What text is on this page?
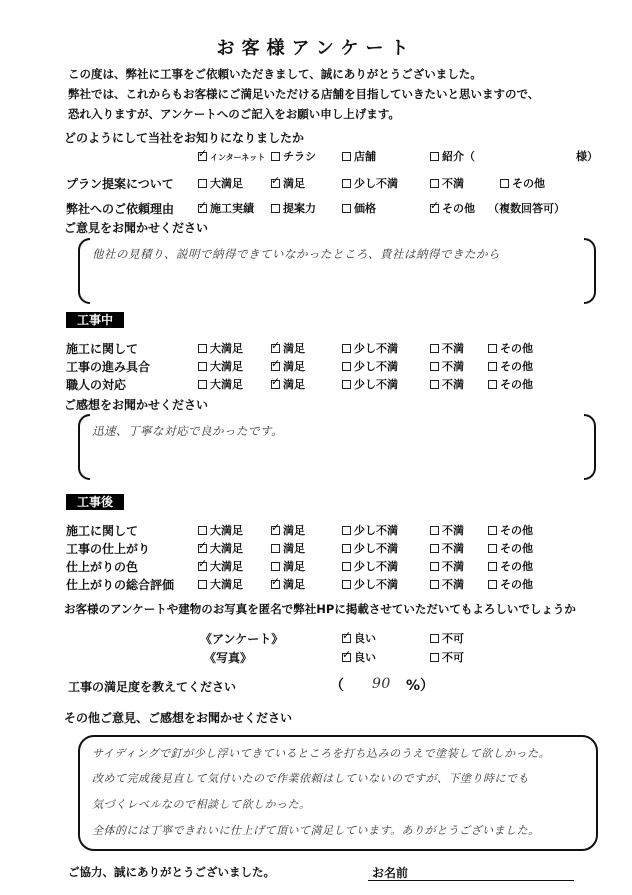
お客様アンケート
この度は、弊社に工事をご依頼いただきまして、誠にありがとうございました。
弊社では、これからもお客様にご満足いただける店舗を目指していきたいと思いますので、
恐れ入りますが、アンケートへのご記入をお願い申し上げます。
どのようにして当社をお知りになりましたか
✓インターネット	チラシ	店舗	紹介（	様）
プラン提案について	大満足 ✓	満足	少し不満	不満	その他
弊社へのご依頼理由 ✓	施工実績	提案力	価格 ✓	その他 （複数回答可）
ご意見をお聞かせください
他社の見積り、説明で納得できていなかったところ、貴社は納得できたから
工事中
施工に関して	大満足 ✓	満足	少し不満	不満	その他
工事の進み具合	大満足 ✓	満足	少し不満	不満	その他
職人の対応	大満足 ✓	満足	少し不満	不満	その他
ご感想をお聞かせください
迅速、丁寧な対応で良かったです。
工事後
施工に関して	大満足 ✓	満足	少し不満	不満	その他
工事の仕上がり ✓	大満足	満足	少し不満	不満	その他
仕上がりの色 ✓	大満足	満足	少し不満	不満	その他
仕上がりの総合評価	大満足 ✓	満足	少し不満	不満	その他
お客様のアンケートや建物のお写真を匿名で弊社HPに掲載させていただいてもよろしいでしょうか
《アンケート》 ✓	良い	不可
《写真》 ✓	良い	不可
工事の満足度を教えてください	（ 90 %）
その他ご意見、ご感想をお聞かせください
サイディングで釘が少し浮いてきているところを打ち込みのうえで塗装して欲しかった。
改めて完成後見直して気付いたので作業依頼はしていないのですが、下塗り時にでも
気づくレベルなので相談して欲しかった。
全体的には丁寧できれいに仕上げて頂いて満足しています。ありがとうございました。
ご協力、誠にありがとうございました。	お名前
